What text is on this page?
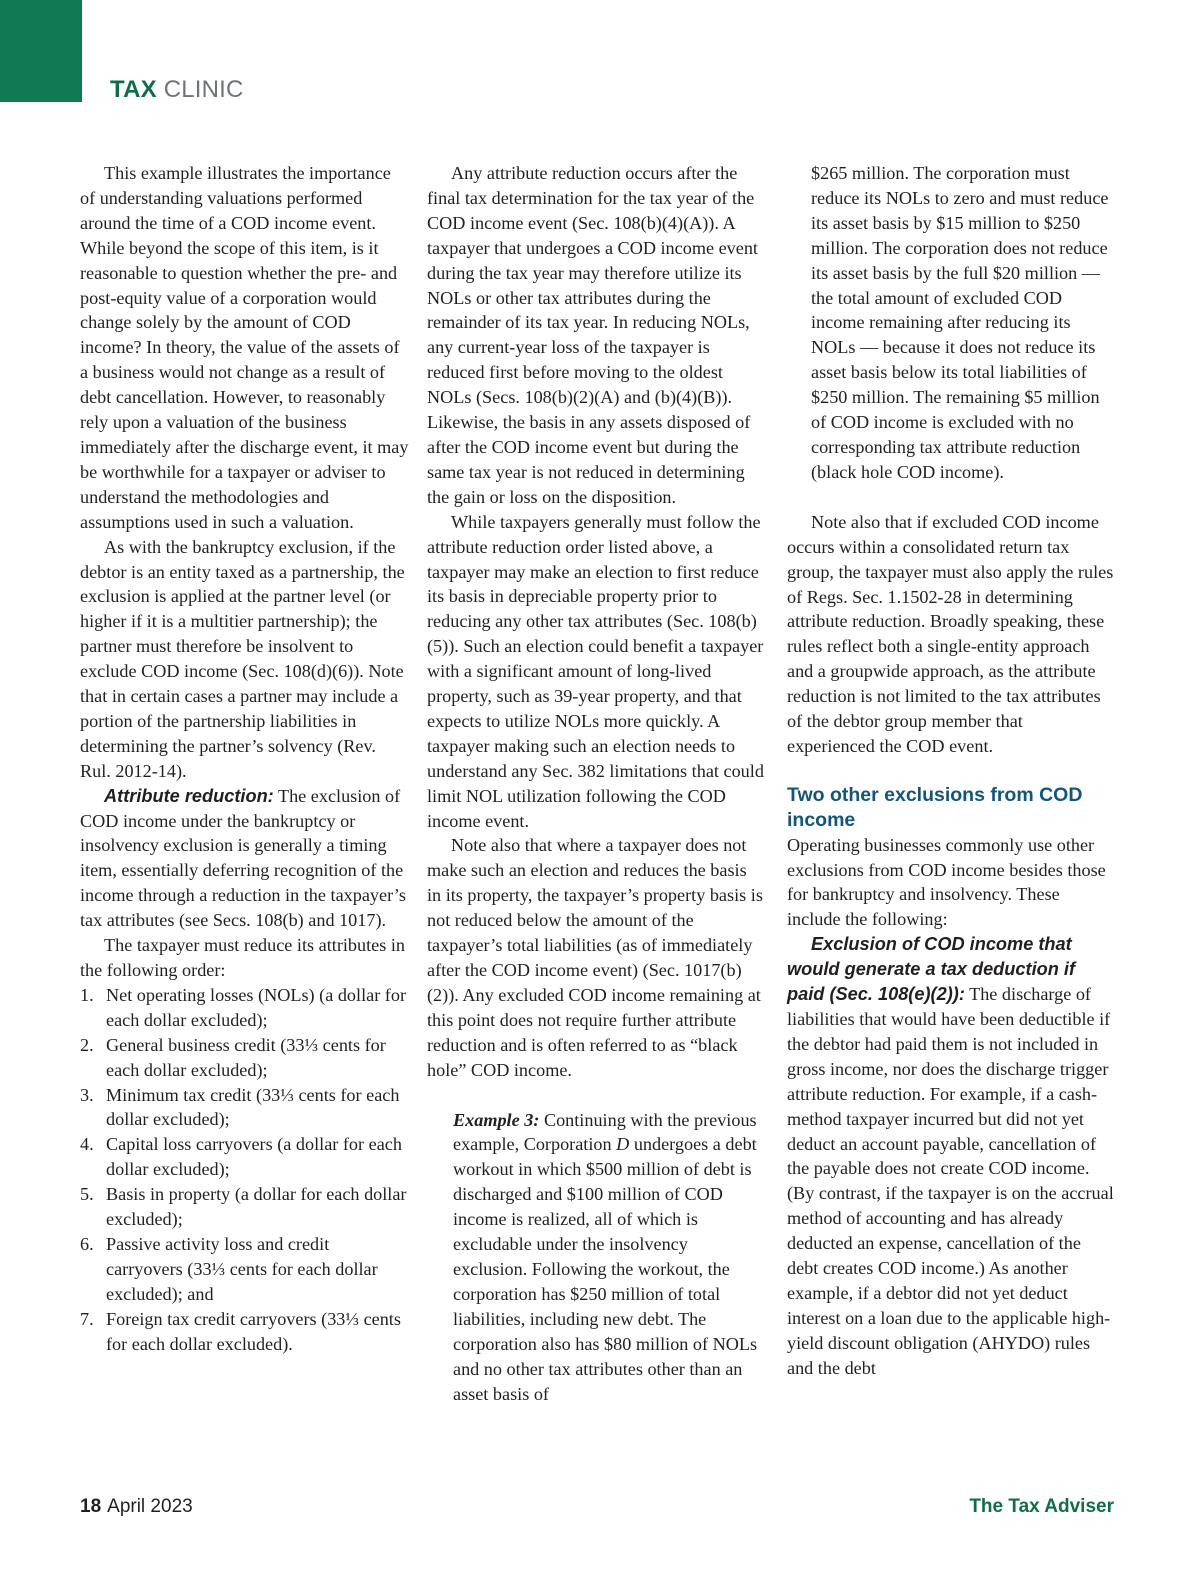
TAX CLINIC

This example illustrates the importance of understanding valuations performed around the time of a COD income event. While beyond the scope of this item, is it reasonable to question whether the pre- and post-equity value of a corporation would change solely by the amount of COD income? In theory, the value of the assets of a business would not change as a result of debt cancellation. However, to reasonably rely upon a valuation of the business immediately after the discharge event, it may be worthwhile for a taxpayer or adviser to understand the methodologies and assumptions used in such a valuation.

As with the bankruptcy exclusion, if the debtor is an entity taxed as a partnership, the exclusion is applied at the partner level (or higher if it is a multitier partnership); the partner must therefore be insolvent to exclude COD income (Sec. 108(d)(6)). Note that in certain cases a partner may include a portion of the partnership liabilities in determining the partner’s solvency (Rev. Rul. 2012-14).

Attribute reduction: The exclusion of COD income under the bankruptcy or insolvency exclusion is generally a timing item, essentially deferring recognition of the income through a reduction in the taxpayer’s tax attributes (see Secs. 108(b) and 1017).

The taxpayer must reduce its attributes in the following order:

1. Net operating losses (NOLs) (a dollar for each dollar excluded);
2. General business credit (33⅓ cents for each dollar excluded);
3. Minimum tax credit (33⅓ cents for each dollar excluded);
4. Capital loss carryovers (a dollar for each dollar excluded);
5. Basis in property (a dollar for each dollar excluded);
6. Passive activity loss and credit carryovers (33⅓ cents for each dollar excluded); and
7. Foreign tax credit carryovers (33⅓ cents for each dollar excluded).

Any attribute reduction occurs after the final tax determination for the tax year of the COD income event (Sec. 108(b)(4)(A)). A taxpayer that undergoes a COD income event during the tax year may therefore utilize its NOLs or other tax attributes during the remainder of its tax year. In reducing NOLs, any current-year loss of the taxpayer is reduced first before moving to the oldest NOLs (Secs. 108(b)(2)(A) and (b)(4)(B)). Likewise, the basis in any assets disposed of after the COD income event but during the same tax year is not reduced in determining the gain or loss on the disposition.

While taxpayers generally must follow the attribute reduction order listed above, a taxpayer may make an election to first reduce its basis in depreciable property prior to reducing any other tax attributes (Sec. 108(b)(5)). Such an election could benefit a taxpayer with a significant amount of long-lived property, such as 39-year property, and that expects to utilize NOLs more quickly. A taxpayer making such an election needs to understand any Sec. 382 limitations that could limit NOL utilization following the COD income event.

Note also that where a taxpayer does not make such an election and reduces the basis in its property, the taxpayer’s property basis is not reduced below the amount of the taxpayer’s total liabilities (as of immediately after the COD income event) (Sec. 1017(b)(2)). Any excluded COD income remaining at this point does not require further attribute reduction and is often referred to as “black hole” COD income.

Example 3: Continuing with the previous example, Corporation D undergoes a debt workout in which $500 million of debt is discharged and $100 million of COD income is realized, all of which is excludable under the insolvency exclusion. Following the workout, the corporation has $250 million of total liabilities, including new debt. The corporation also has $80 million of NOLs and no other tax attributes other than an asset basis of

$265 million. The corporation must reduce its NOLs to zero and must reduce its asset basis by $15 million to $250 million. The corporation does not reduce its asset basis by the full $20 million — the total amount of excluded COD income remaining after reducing its NOLs — because it does not reduce its asset basis below its total liabilities of $250 million. The remaining $5 million of COD income is excluded with no corresponding tax attribute reduction (black hole COD income).

Note also that if excluded COD income occurs within a consolidated return tax group, the taxpayer must also apply the rules of Regs. Sec. 1.1502-28 in determining attribute reduction. Broadly speaking, these rules reflect both a single-entity approach and a groupwide approach, as the attribute reduction is not limited to the tax attributes of the debtor group member that experienced the COD event.

Two other exclusions from COD income

Operating businesses commonly use other exclusions from COD income besides those for bankruptcy and insolvency. These include the following:

Exclusion of COD income that would generate a tax deduction if paid (Sec. 108(e)(2)): The discharge of liabilities that would have been deductible if the debtor had paid them is not included in gross income, nor does the discharge trigger attribute reduction. For example, if a cash-method taxpayer incurred but did not yet deduct an account payable, cancellation of the payable does not create COD income. (By contrast, if the taxpayer is on the accrual method of accounting and has already deducted an expense, cancellation of the debt creates COD income.) As another example, if a debtor did not yet deduct interest on a loan due to the applicable high-yield discount obligation (AHYDO) rules and the debt

18 April 2023	The Tax Adviser
